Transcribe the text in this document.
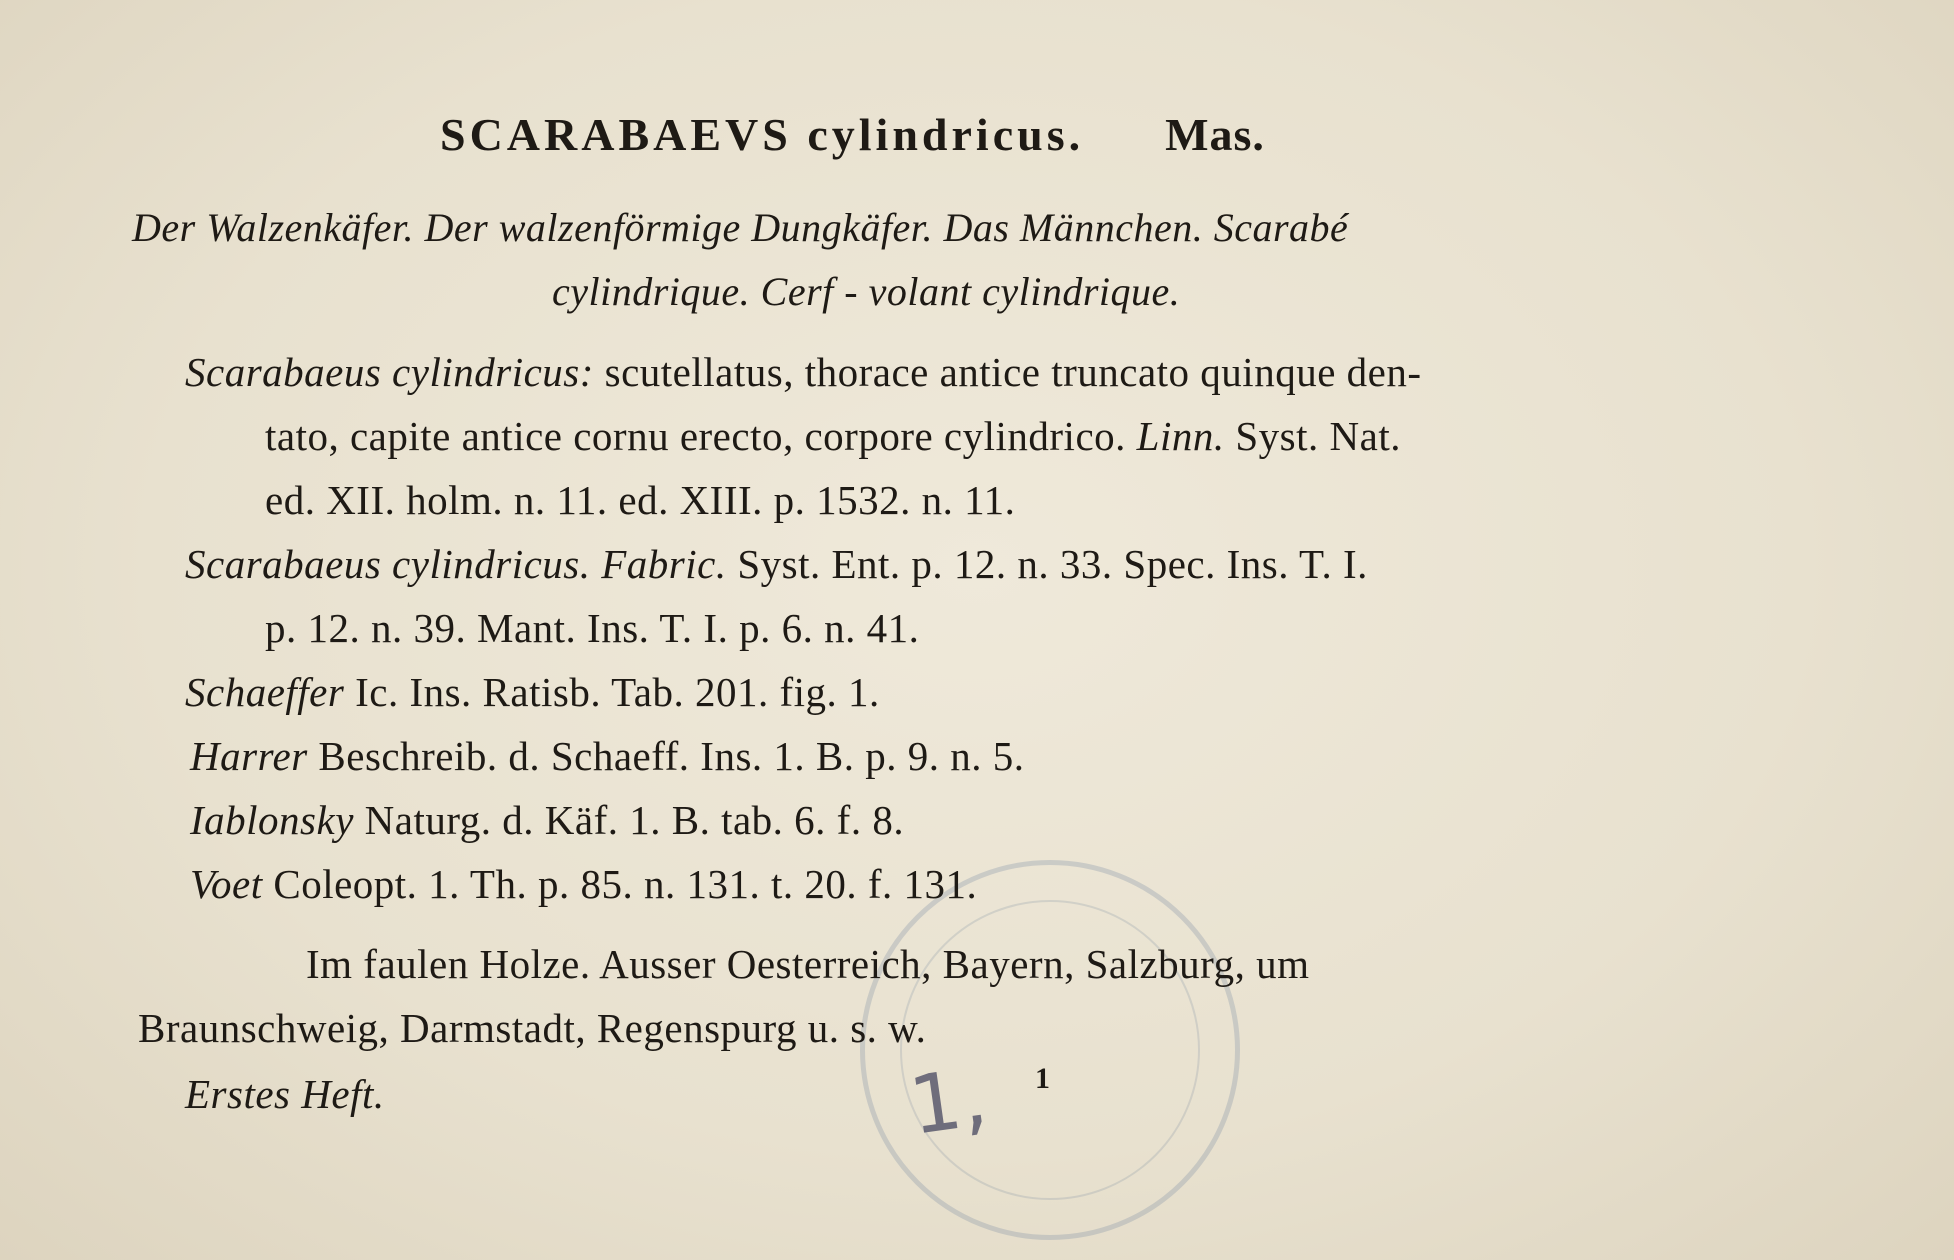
SCARABAEVS cylindricus. Mas.
Der Walzenkäfer. Der walzenförmige Dungkäfer. Das Männchen. Scarabé
cylindrique. Cerf - volant cylindrique.
Scarabaeus cylindricus: scutellatus, thorace antice truncato quinque den-
tato, capite antice cornu erecto, corpore cylindrico. Linn. Syst. Nat.
ed. XII. holm. n. 11. ed. XIII. p. 1532. n. 11.
Scarabaeus cylindricus. Fabric. Syst. Ent. p. 12. n. 33. Spec. Ins. T. I.
p. 12. n. 39. Mant. Ins. T. I. p. 6. n. 41.
Schaeffer Ic. Ins. Ratisb. Tab. 201. fig. 1.
Harrer Beschreib. d. Schaeff. Ins. 1. B. p. 9. n. 5.
Iablonsky Naturg. d. Käf. 1. B. tab. 6. f. 8.
Voet Coleopt. 1. Th. p. 85. n. 131. t. 20. f. 131.
Im faulen Holze. Ausser Oesterreich, Bayern, Salzburg, um
Braunschweig, Darmstadt, Regenspurg u. s. w.
Erstes Heft.	1
1,
